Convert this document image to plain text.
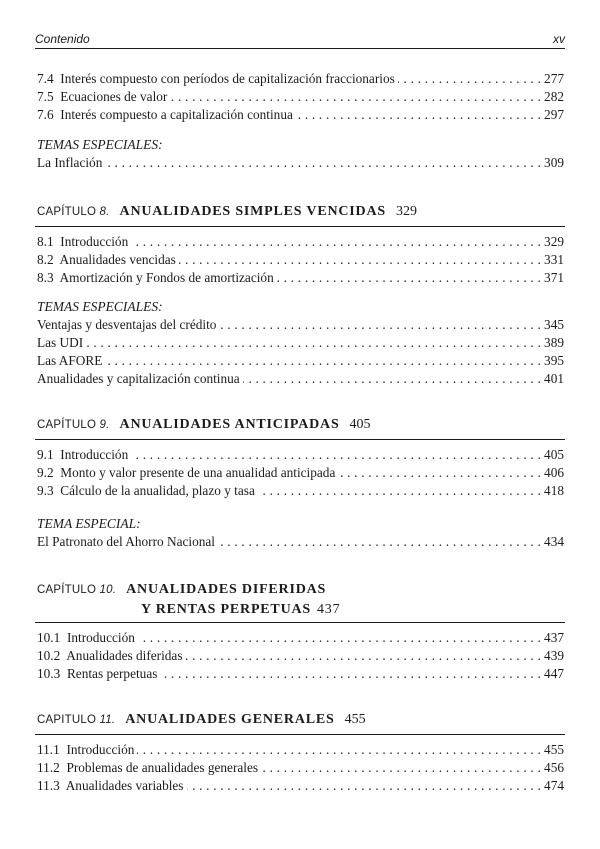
Contenido	xv
. . . 7.4 Interés compuesto con períodos de capitalización fraccionarios	277
. . . 7.5 Ecuaciones de valor	282
. . . 7.6 Interés compuesto a capitalización continua	297
TEMAS ESPECIALES:
. . . La Inflación	309
CAPÍTULO 8. ANUALIDADES SIMPLES VENCIDAS 329
. . . 8.1 Introducción	329
. . . 8.2 Anualidades vencidas	331
. . . 8.3 Amortización y Fondos de amortización	371
TEMAS ESPECIALES:
. . . Ventajas y desventajas del crédito	345
. . . Las UDI	389
. . . Las AFORE	395
. . . Anualidades y capitalización continua	401
CAPÍTULO 9. ANUALIDADES ANTICIPADAS 405
. . . 9.1 Introducción	405
. . . 9.2 Monto y valor presente de una anualidad anticipada	406
. . . 9.3 Cálculo de la anualidad, plazo y tasa	418
TEMA ESPECIAL:
. . . El Patronato del Ahorro Nacional	434
CAPÍTULO 10. ANUALIDADES DIFERIDAS
Y RENTAS PERPETUAS 437
. . . 10.1 Introducción	437
. . . 10.2 Anualidades diferidas	439
. . . 10.3 Rentas perpetuas	447
CAPITULO 11. ANUALIDADES GENERALES 455
. . . 11.1 Introducción	455
. . . 11.2 Problemas de anualidades generales	456
. . . 11.3 Anualidades variables	474
